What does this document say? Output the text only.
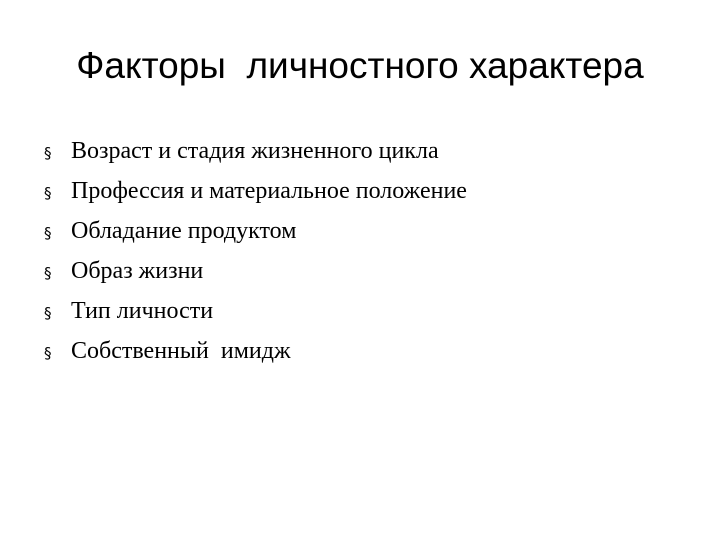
Факторы  личностного характера
§ Возраст и стадия жизненного цикла
§ Профессия и материальное положение
§ Обладание продуктом
§ Образ жизни
§ Тип личности
§ Собственный  имидж
